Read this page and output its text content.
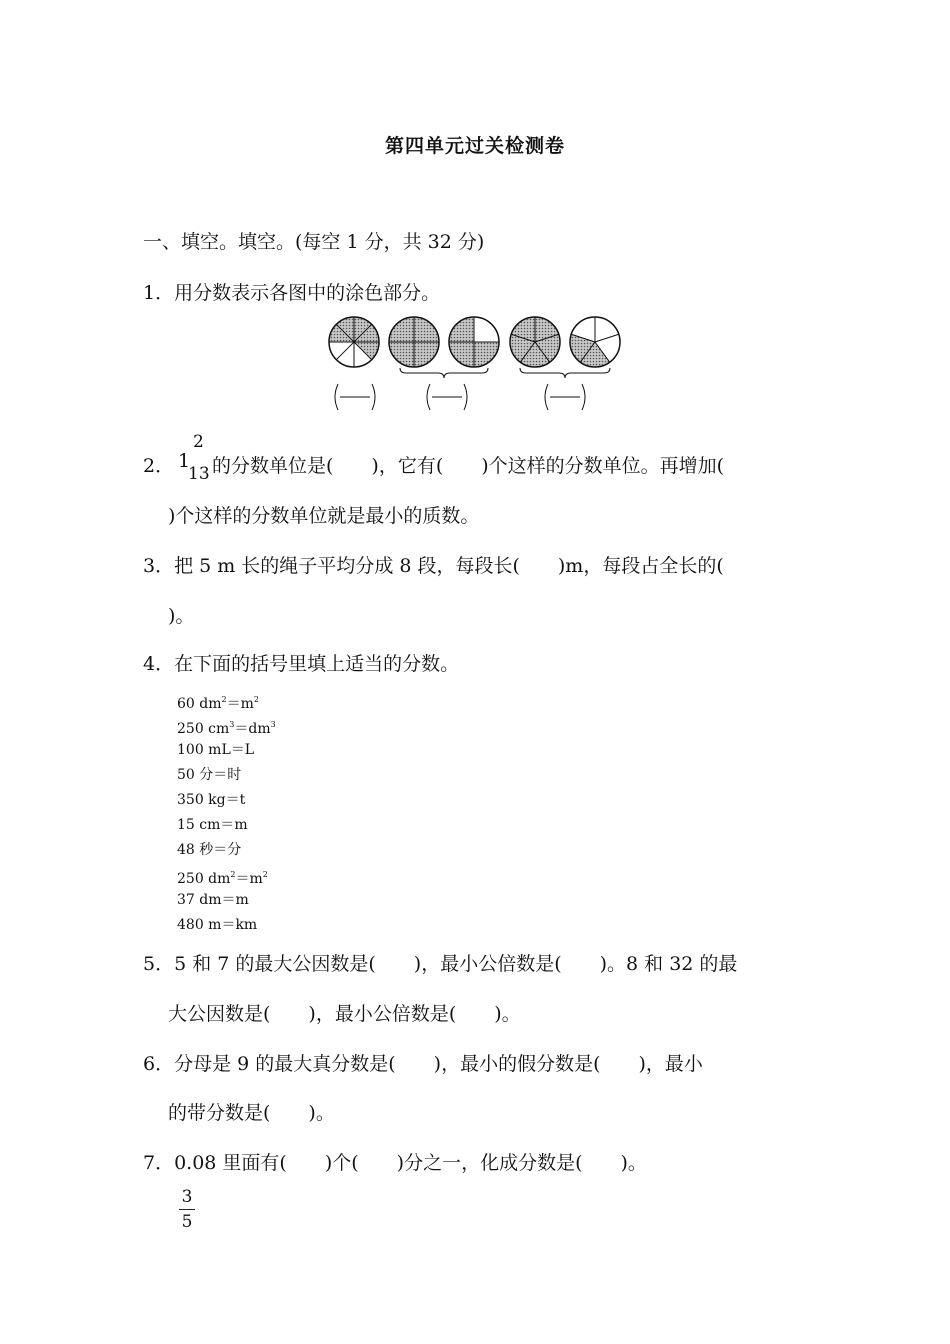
第四单元过关检测卷
一、填空。填空。(每空 1 分，共 32 分)
1．用分数表示各图中的涂色部分。
2． 1
2
13 的分数单位是(　　)，它有(　　)个这样的分数单位。再增加(
)个这样的分数单位就是最小的质数。
3．把 5 m 长的绳子平均分成 8 段，每段长(　　)m，每段占全长的(
)。
4．在下面的括号里填上适当的分数。
60 $dm^2=m^2$
250 $cm^3=dm^3$
100 mL＝L
50 分＝时
350 kg＝t
15 cm＝m
48 秒＝分
250 $dm^2=m^2$
37 dm＝m
480 m＝km
5．5 和 7 的最大公因数是(　　)，最小公倍数是(　　)。8 和 32 的最
大公因数是(　　)，最小公倍数是(　　)。
6．分母是 9 的最大真分数是(　　)，最小的假分数是(　　)，最小
的带分数是(　　)。
7．0.08 里面有(　　)个(　　)分之一，化成分数是(　　)。
3
5
